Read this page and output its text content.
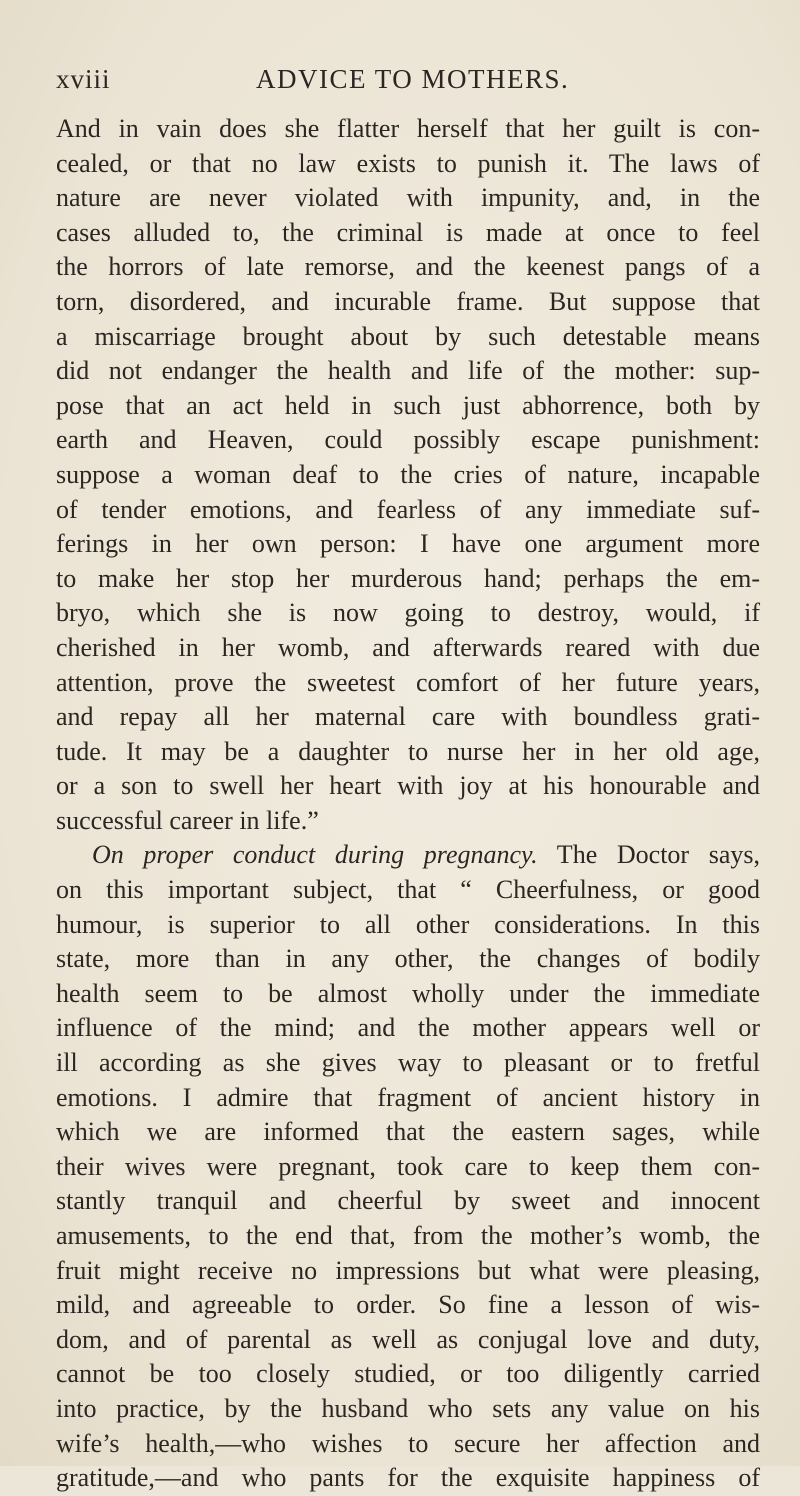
xviii	ADVICE TO MOTHERS.
And in vain does she flatter herself that her guilt is con-
cealed, or that no law exists to punish it. The laws of
nature are never violated with impunity, and, in the
cases alluded to, the criminal is made at once to feel
the horrors of late remorse, and the keenest pangs of a
torn, disordered, and incurable frame. But suppose that
a miscarriage brought about by such detestable means
did not endanger the health and life of the mother: sup-
pose that an act held in such just abhorrence, both by
earth and Heaven, could possibly escape punishment:
suppose a woman deaf to the cries of nature, incapable
of tender emotions, and fearless of any immediate suf-
ferings in her own person: I have one argument more
to make her stop her murderous hand; perhaps the em-
bryo, which she is now going to destroy, would, if
cherished in her womb, and afterwards reared with due
attention, prove the sweetest comfort of her future years,
and repay all her maternal care with boundless grati-
tude. It may be a daughter to nurse her in her old age,
or a son to swell her heart with joy at his honourable and
successful career in life.”
On proper conduct during pregnancy. The Doctor says,
on this important subject, that “ Cheerfulness, or good
humour, is superior to all other considerations. In this
state, more than in any other, the changes of bodily
health seem to be almost wholly under the immediate
influence of the mind; and the mother appears well or
ill according as she gives way to pleasant or to fretful
emotions. I admire that fragment of ancient history in
which we are informed that the eastern sages, while
their wives were pregnant, took care to keep them con-
stantly tranquil and cheerful by sweet and innocent
amusements, to the end that, from the mother’s womb, the
fruit might receive no impressions but what were pleasing,
mild, and agreeable to order. So fine a lesson of wis-
dom, and of parental as well as conjugal love and duty,
cannot be too closely studied, or too diligently carried
into practice, by the husband who sets any value on his
wife’s health,—who wishes to secure her affection and
gratitude,—and who pants for the exquisite happiness of
